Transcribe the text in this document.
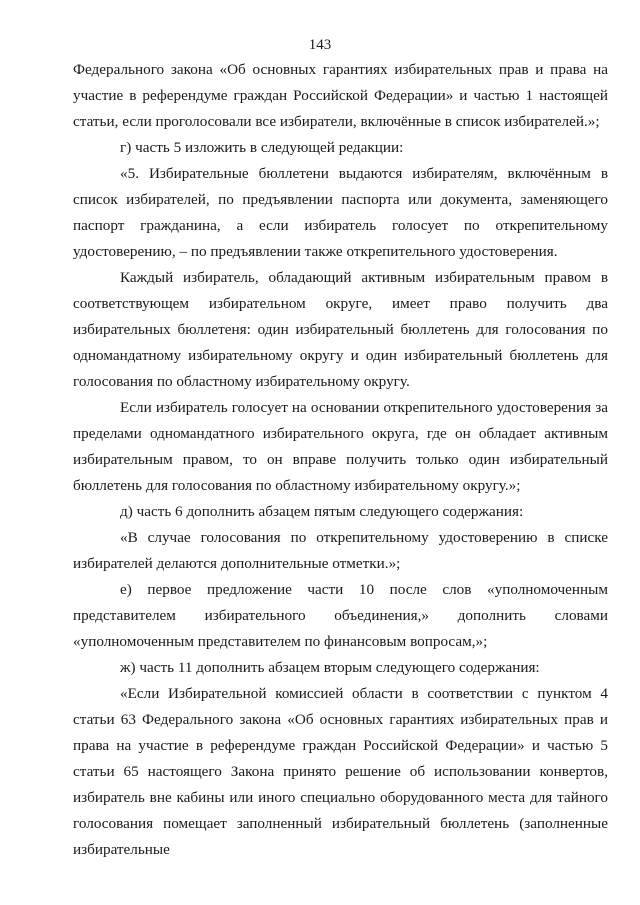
143

Федерального закона «Об основных гарантиях избирательных прав и права на участие в референдуме граждан Российской Федерации» и частью 1 настоящей статьи, если проголосовали все избиратели, включённые в список избирателей.»;

г) часть 5 изложить в следующей редакции:

«5. Избирательные бюллетени выдаются избирателям, включённым в список избирателей, по предъявлении паспорта или документа, заменяющего паспорт гражданина, а если избиратель голосует по открепительному удостоверению, – по предъявлении также открепительного удостоверения.

Каждый избиратель, обладающий активным избирательным правом в соответствующем избирательном округе, имеет право получить два избирательных бюллетеня: один избирательный бюллетень для голосования по одномандатному избирательному округу и один избирательный бюллетень для голосования по областному избирательному округу.

Если избиратель голосует на основании открепительного удостоверения за пределами одномандатного избирательного округа, где он обладает активным избирательным правом, то он вправе получить только один избирательный бюллетень для голосования по областному избирательному округу.»;

д) часть 6 дополнить абзацем пятым следующего содержания:

«В случае голосования по открепительному удостоверению в списке избирателей делаются дополнительные отметки.»;

е) первое предложение части 10 после слов «уполномоченным представителем избирательного объединения,» дополнить словами «уполномоченным представителем по финансовым вопросам,»;

ж) часть 11 дополнить абзацем вторым следующего содержания:

«Если Избирательной комиссией области в соответствии с пунктом 4 статьи 63 Федерального закона «Об основных гарантиях избирательных прав и права на участие в референдуме граждан Российской Федерации» и частью 5 статьи 65 настоящего Закона принято решение об использовании конвертов, избиратель вне кабины или иного специально оборудованного места для тайного голосования помещает заполненный избирательный бюллетень (заполненные избирательные
